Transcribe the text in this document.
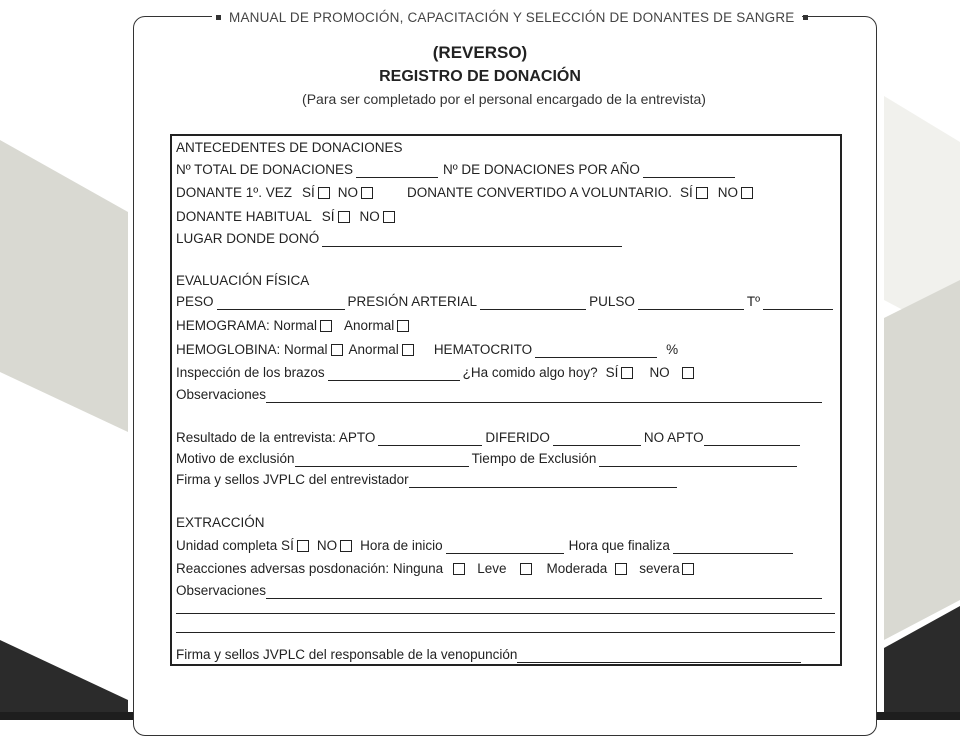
MANUAL DE PROMOCIÓN, CAPACITACIÓN Y SELECCIÓN DE DONANTES DE SANGRE
(REVERSO)
REGISTRO DE DONACIÓN
(Para ser completado por el personal encargado de la entrevista)
ANTECEDENTES DE DONACIONES
Nº TOTAL DE DONACIONES	Nº DE DONACIONES POR AÑO
DONANTE 1º. VEZ SÍ NO	DONANTE CONVERTIDO A VOLUNTARIO. SÍ NO
DONANTE HABITUAL SÍ NO
LUGAR DONDE DONÓ
EVALUACIÓN FÍSICA
PESO	PRESIÓN ARTERIAL	PULSO	Tº
HEMOGRAMA: Normal Anormal
HEMOGLOBINA: Normal Anormal	HEMATOCRITO	%
Inspección de los brazos	¿Ha comido algo hoy? SÍ NO
Observaciones
Resultado de la entrevista: APTO	DIFERIDO	NO APTO
Motivo de exclusión	Tiempo de Exclusión
Firma y sellos JVPLC del entrevistador
EXTRACCIÓN
Unidad completa SÍ NO Hora de inicio	Hora que finaliza
Reacciones adversas posdonación: Ninguna	Leve	Moderada severa
Observaciones
Firma y sellos JVPLC del responsable de la venopunción
